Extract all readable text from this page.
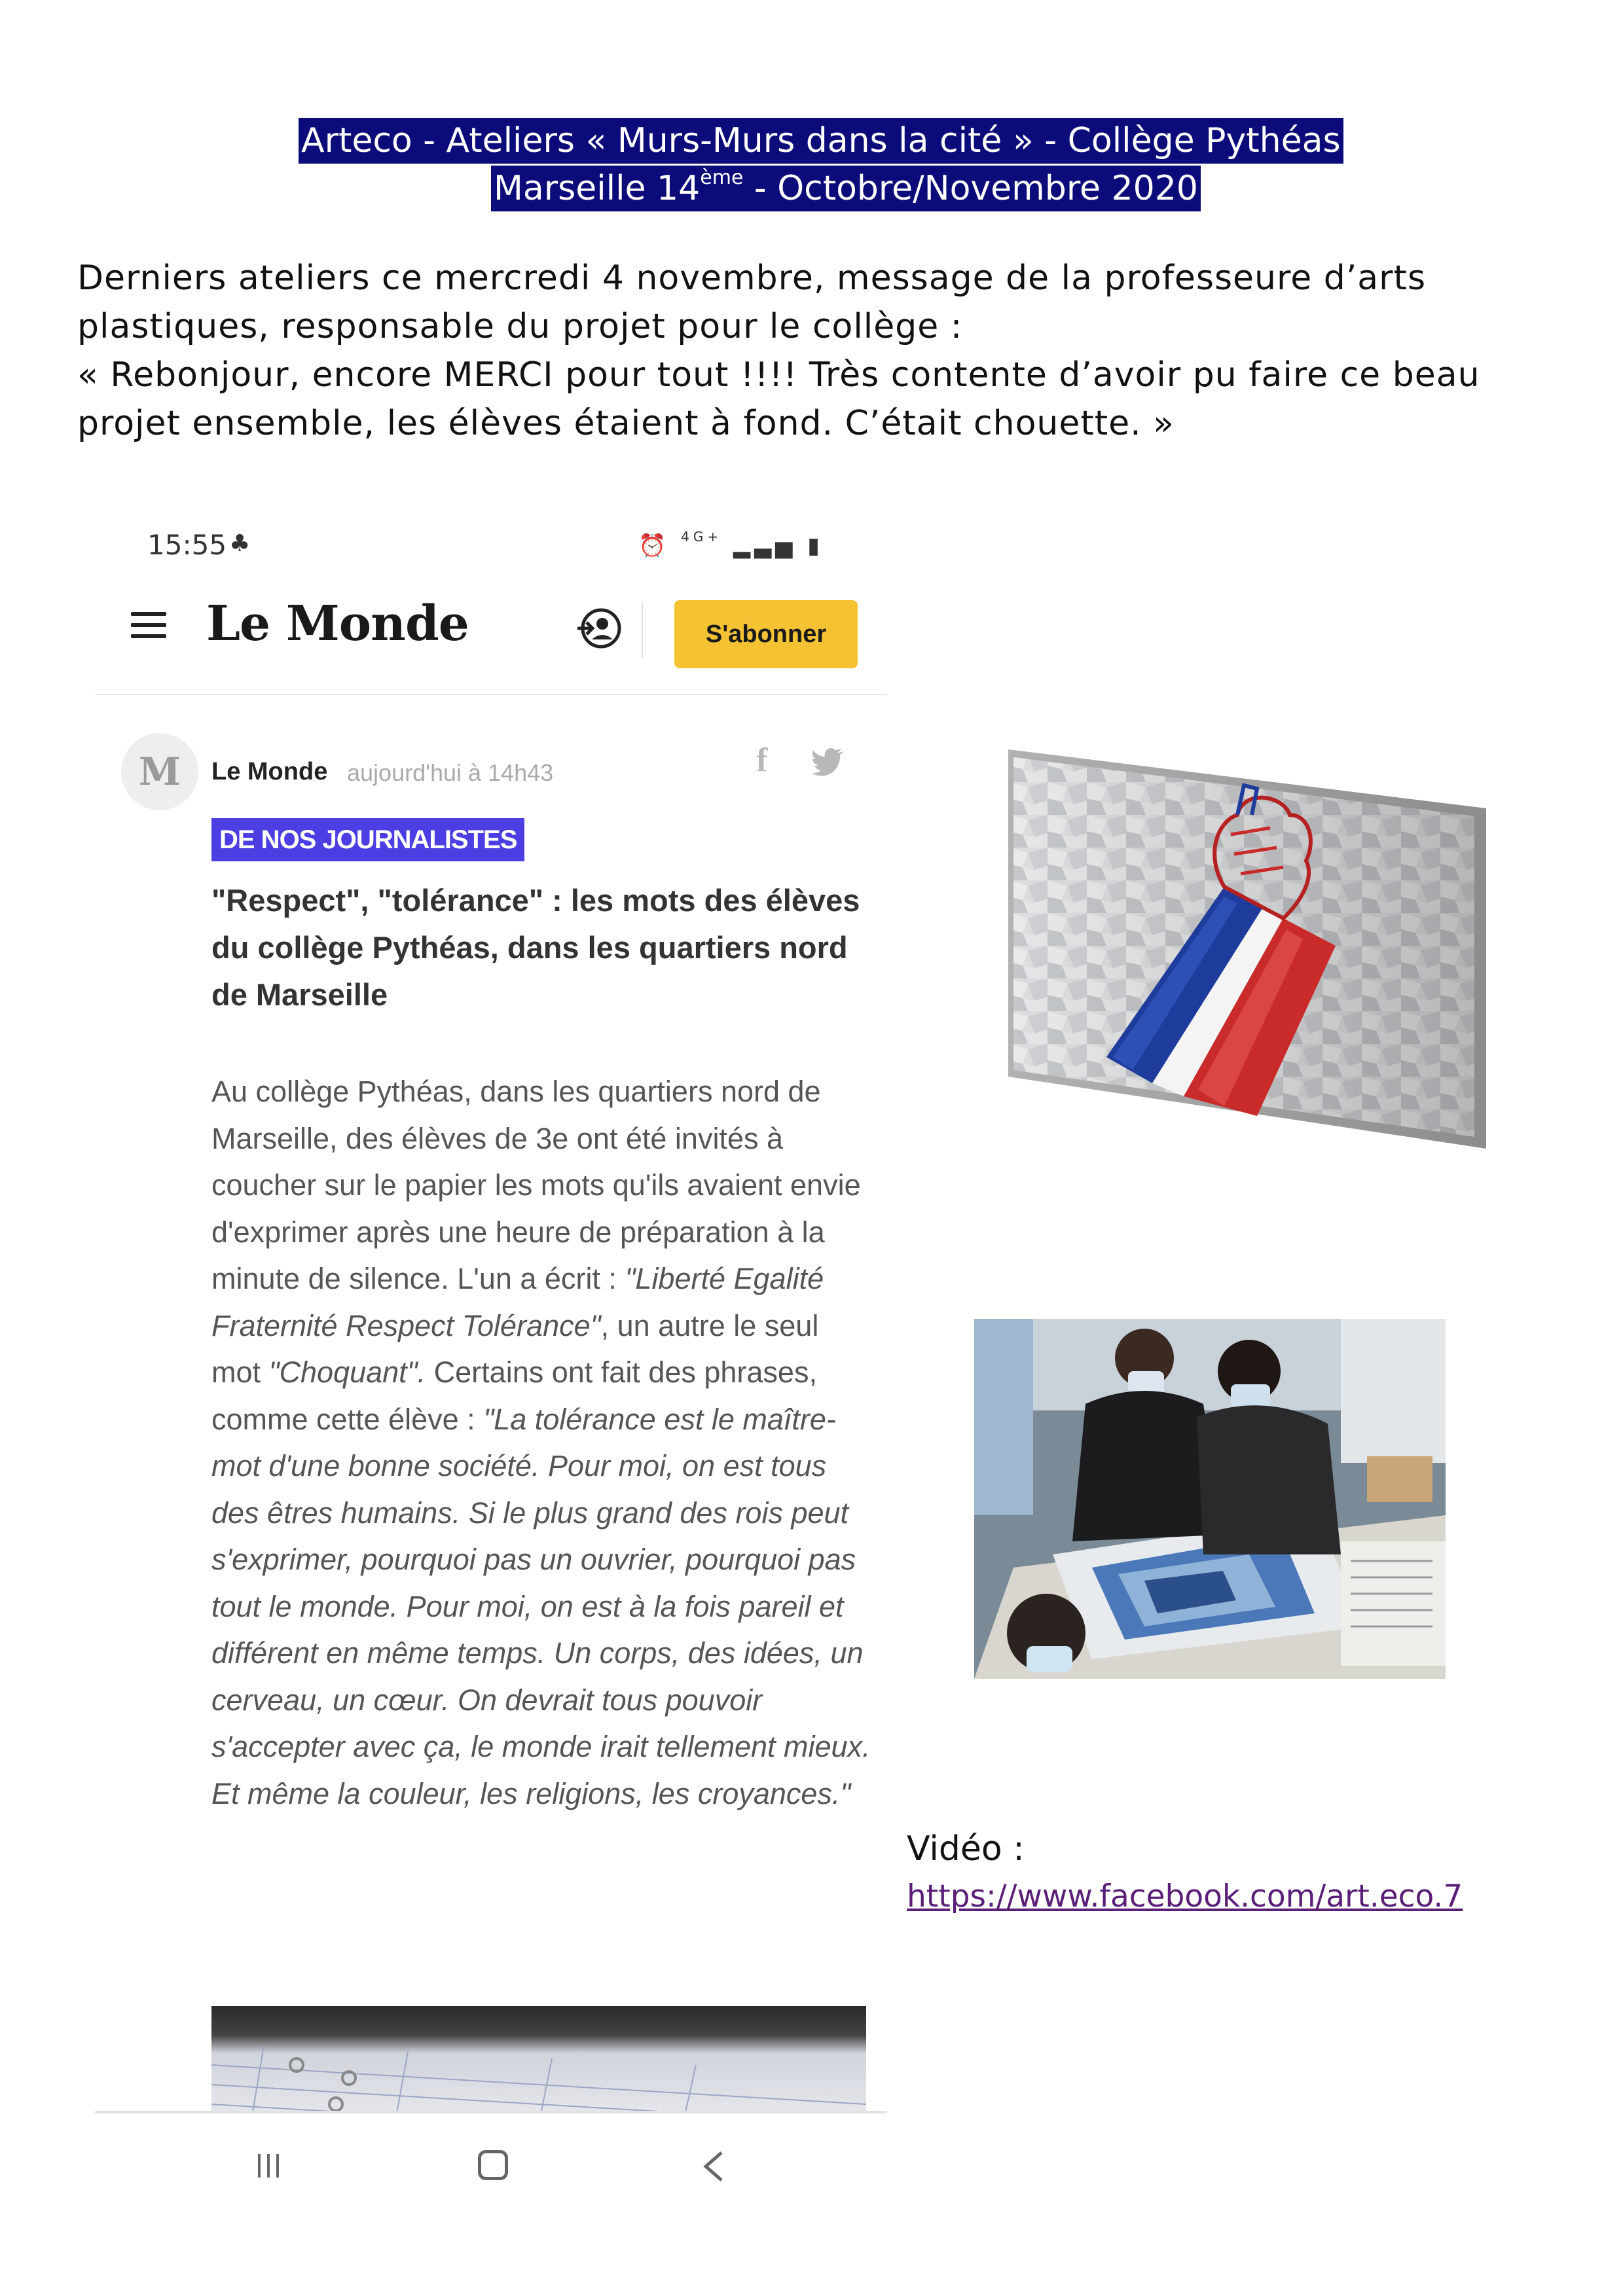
Arteco - Ateliers « Murs-Murs dans la cité » - Collège Pythéas
Marseille 14ème - Octobre/Novembre 2020

Derniers ateliers ce mercredi 4 novembre, message de la professeure d’arts plastiques, responsable du projet pour le collège :

« Rebonjour, encore MERCI pour tout !!!! Très contente d’avoir pu faire ce beau projet ensemble, les élèves étaient à fond. C’était chouette. »

15:55 ♣	⏰ $^{4G+}$ ▂▃▅ ▮
Le Monde	S'abonner
M	Le Monde aujourd'hui à 14h43	f
DE NOS JOURNALISTES
"Respect", "tolérance" : les mots des élèves du collège Pythéas, dans les quartiers nord de Marseille

Au collège Pythéas, dans les quartiers nord de Marseille, des élèves de 3e ont été invités à coucher sur le papier les mots qu'ils avaient envie d'exprimer après une heure de préparation à la minute de silence. L'un a écrit : "Liberté Egalité Fraternité Respect Tolérance", un autre le seul mot "Choquant". Certains ont fait des phrases, comme cette élève : "La tolérance est le maître-mot d'une bonne société. Pour moi, on est tous des êtres humains. Si le plus grand des rois peut s'exprimer, pourquoi pas un ouvrier, pourquoi pas tout le monde. Pour moi, on est à la fois pareil et différent en même temps. Un corps, des idées, un cerveau, un cœur. On devrait tous pouvoir s'accepter avec ça, le monde irait tellement mieux. Et même la couleur, les religions, les croyances."

Vidéo :
https://www.facebook.com/art.eco.7
